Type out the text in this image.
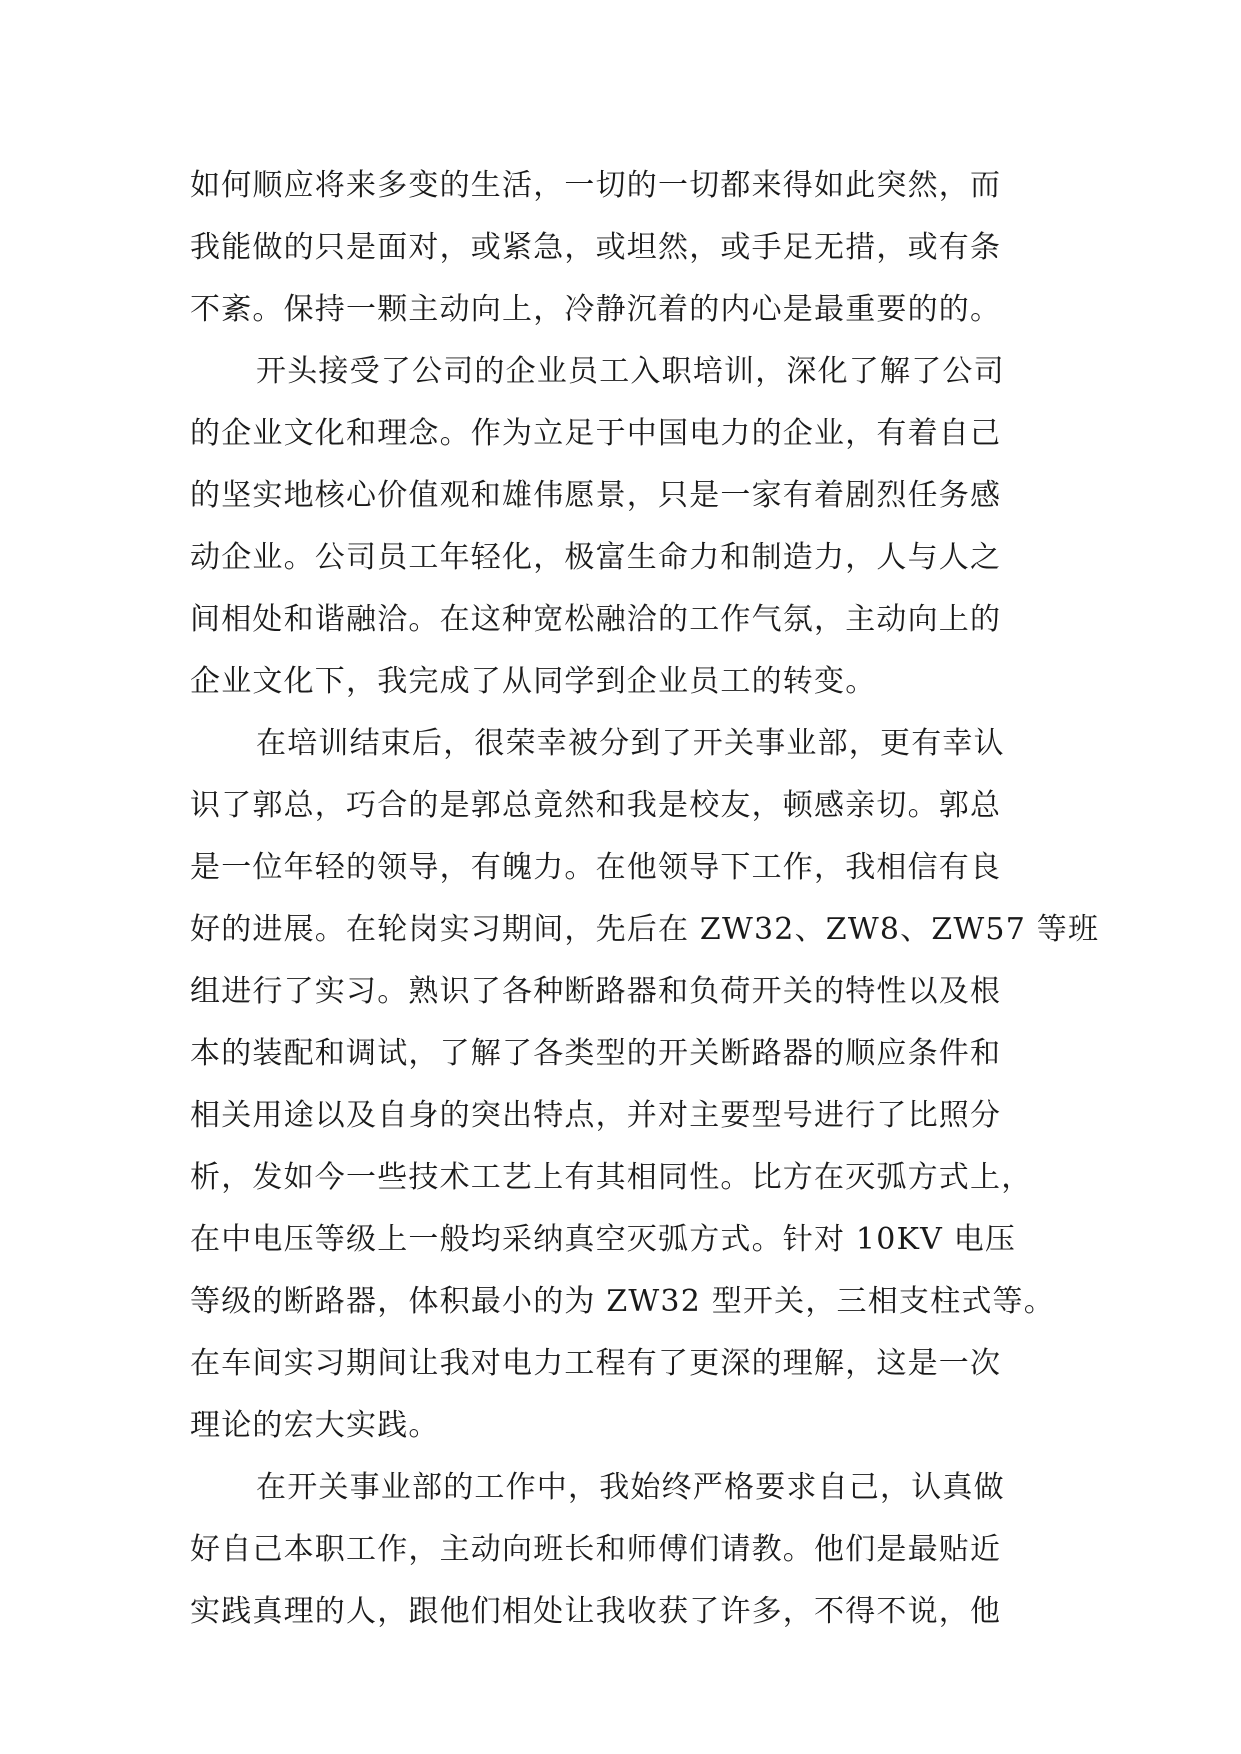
如何顺应将来多变的生活，一切的一切都来得如此突然，而
我能做的只是面对，或紧急，或坦然，或手足无措，或有条
不紊。保持一颗主动向上，冷静沉着的内心是最重要的的。
开头接受了公司的企业员工入职培训，深化了解了公司
的企业文化和理念。作为立足于中国电力的企业，有着自己
的坚实地核心价值观和雄伟愿景，只是一家有着剧烈任务感
动企业。公司员工年轻化，极富生命力和制造力，人与人之
间相处和谐融洽。在这种宽松融洽的工作气氛，主动向上的
企业文化下，我完成了从同学到企业员工的转变。
在培训结束后，很荣幸被分到了开关事业部，更有幸认
识了郭总，巧合的是郭总竟然和我是校友，顿感亲切。郭总
是一位年轻的领导，有魄力。在他领导下工作，我相信有良
好的进展。在轮岗实习期间，先后在 ZW32、ZW8、ZW57 等班
组进行了实习。熟识了各种断路器和负荷开关的特性以及根
本的装配和调试，了解了各类型的开关断路器的顺应条件和
相关用途以及自身的突出特点，并对主要型号进行了比照分
析，发如今一些技术工艺上有其相同性。比方在灭弧方式上，
在中电压等级上一般均采纳真空灭弧方式。针对 10KV 电压
等级的断路器，体积最小的为 ZW32 型开关，三相支柱式等。
在车间实习期间让我对电力工程有了更深的理解，这是一次
理论的宏大实践。
在开关事业部的工作中，我始终严格要求自己，认真做
好自己本职工作，主动向班长和师傅们请教。他们是最贴近
实践真理的人，跟他们相处让我收获了许多，不得不说，他
